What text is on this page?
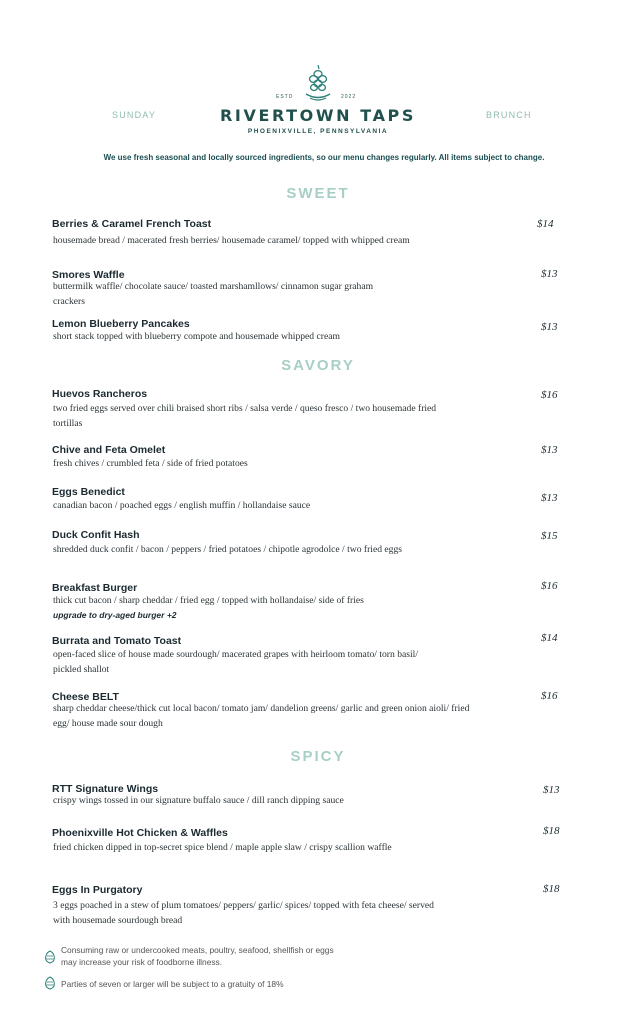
SUNDAY	BRUNCH
ESTD	2022
RIVERTOWN TAPS
PHOENIXVILLE, PENNSYLVANIA
We use fresh seasonal and locally sourced ingredients, so our menu changes regularly. All items subject to change.
SWEET
SAVORY
SPICY
Berries & Caramel French Toast
housemade bread / macerated fresh berries/ housemade caramel/ topped with whipped cream
$14
Smores Waffle
buttermilk waffle/ chocolate sauce/ toasted marshamllows/ cinnamon sugar graham crackers
$13
Lemon Blueberry Pancakes
short stack topped with blueberry compote and housemade whipped cream
$13
Huevos Rancheros
two fried eggs served over chili braised short ribs / salsa verde / queso fresco / two housemade fried tortillas
$16
Chive and Feta Omelet
fresh chives / crumbled feta / side of fried potatoes
$13
Eggs Benedict
canadian bacon / poached eggs / english muffin / hollandaise sauce
$13
Duck Confit Hash
shredded duck confit / bacon / peppers / fried potatoes / chipotle agrodolce / two fried eggs
$15
Breakfast Burger
thick cut bacon / sharp cheddar / fried egg / topped with hollandaise/ side of fries
upgrade to dry-aged burger +2
$16
Burrata and Tomato Toast
open-faced slice of house made sourdough/ macerated grapes with heirloom tomato/ torn basil/ pickled shallot
$14
Cheese BELT
sharp cheddar cheese/thick cut local bacon/ tomato jam/ dandelion greens/ garlic and green onion aioli/ fried egg/ house made sour dough
$16
RTT Signature Wings
crispy wings tossed in our signature buffalo sauce / dill ranch dipping sauce
$13
Phoenixville Hot Chicken & Waffles
fried chicken dipped in top-secret spice blend / maple apple slaw / crispy scallion waffle
$18
Eggs In Purgatory
3 eggs poached in a stew of plum tomatoes/ peppers/ garlic/ spices/ topped with feta cheese/ served with housemade sourdough bread
$18
Consuming raw or undercooked meats, poultry, seafood, shellfish or eggs may increase your risk of foodborne illness.
Parties of seven or larger will be subject to a gratuity of 18%
